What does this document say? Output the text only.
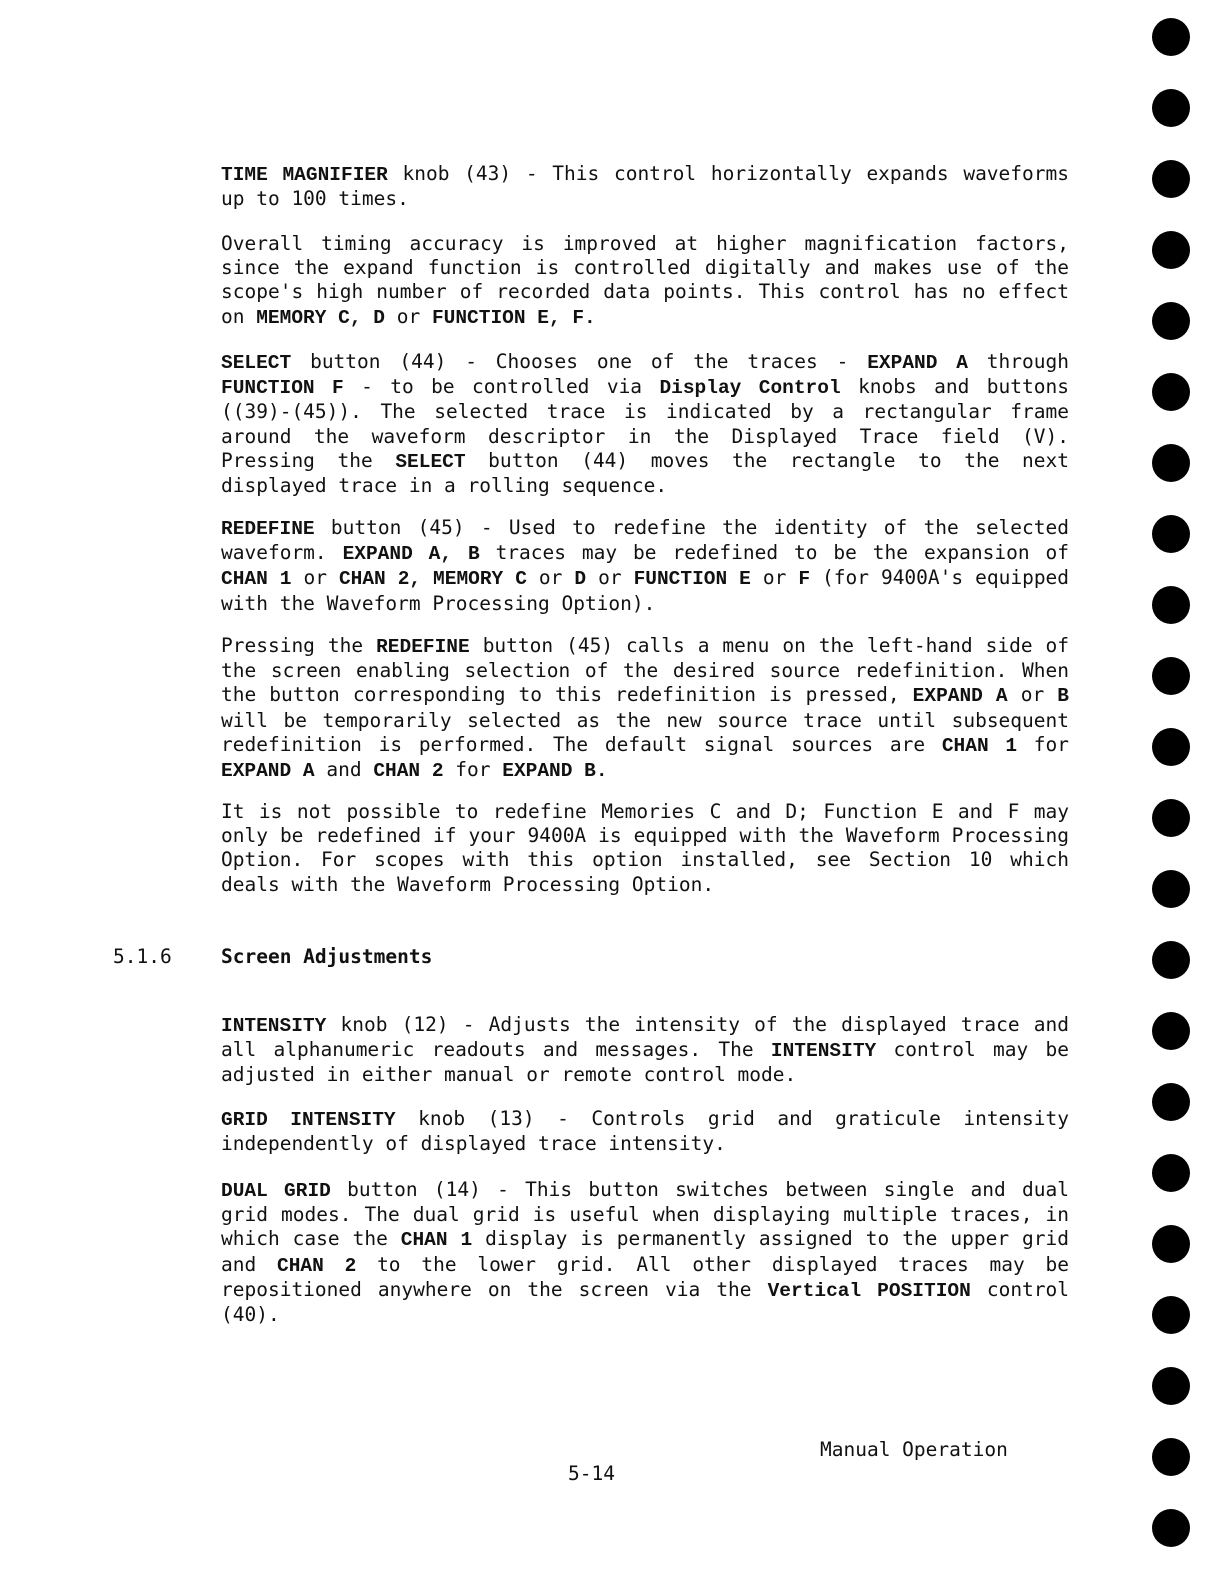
TIME MAGNIFIER knob (43) - This control horizontally expands waveforms up to 100 times.
Overall timing accuracy is improved at higher magnification factors, since the expand function is controlled digitally and makes use of the scope's high number of recorded data points. This control has no effect on MEMORY C, D or FUNCTION E, F.
SELECT button (44) - Chooses one of the traces - EXPAND A through FUNCTION F - to be controlled via Display Control knobs and buttons ((39)-(45)). The selected trace is indicated by a rectangular frame around the waveform descriptor in the Displayed Trace field (V). Pressing the SELECT button (44) moves the rectangle to the next displayed trace in a rolling sequence.
REDEFINE button (45) - Used to redefine the identity of the selected waveform. EXPAND A, B traces may be redefined to be the expansion of CHAN 1 or CHAN 2, MEMORY C or D or FUNCTION E or F (for 9400A's equipped with the Waveform Processing Option).
Pressing the REDEFINE button (45) calls a menu on the left-hand side of the screen enabling selection of the desired source redefinition. When the button corresponding to this redefinition is pressed, EXPAND A or B will be temporarily selected as the new source trace until subsequent redefinition is performed. The default signal sources are CHAN 1 for EXPAND A and CHAN 2 for EXPAND B.
It is not possible to redefine Memories C and D; Function E and F may only be redefined if your 9400A is equipped with the Waveform Processing Option. For scopes with this option installed, see Section 10 which deals with the Waveform Processing Option.
5.1.6	Screen Adjustments
INTENSITY knob (12) - Adjusts the intensity of the displayed trace and all alphanumeric readouts and messages. The INTENSITY control may be adjusted in either manual or remote control mode.
GRID INTENSITY knob (13) - Controls grid and graticule intensity independently of displayed trace intensity.
DUAL GRID button (14) - This button switches between single and dual grid modes. The dual grid is useful when displaying multiple traces, in which case the CHAN 1 display is permanently assigned to the upper grid and CHAN 2 to the lower grid. All other displayed traces may be repositioned anywhere on the screen via the Vertical POSITION control (40).
Manual Operation
5-14
